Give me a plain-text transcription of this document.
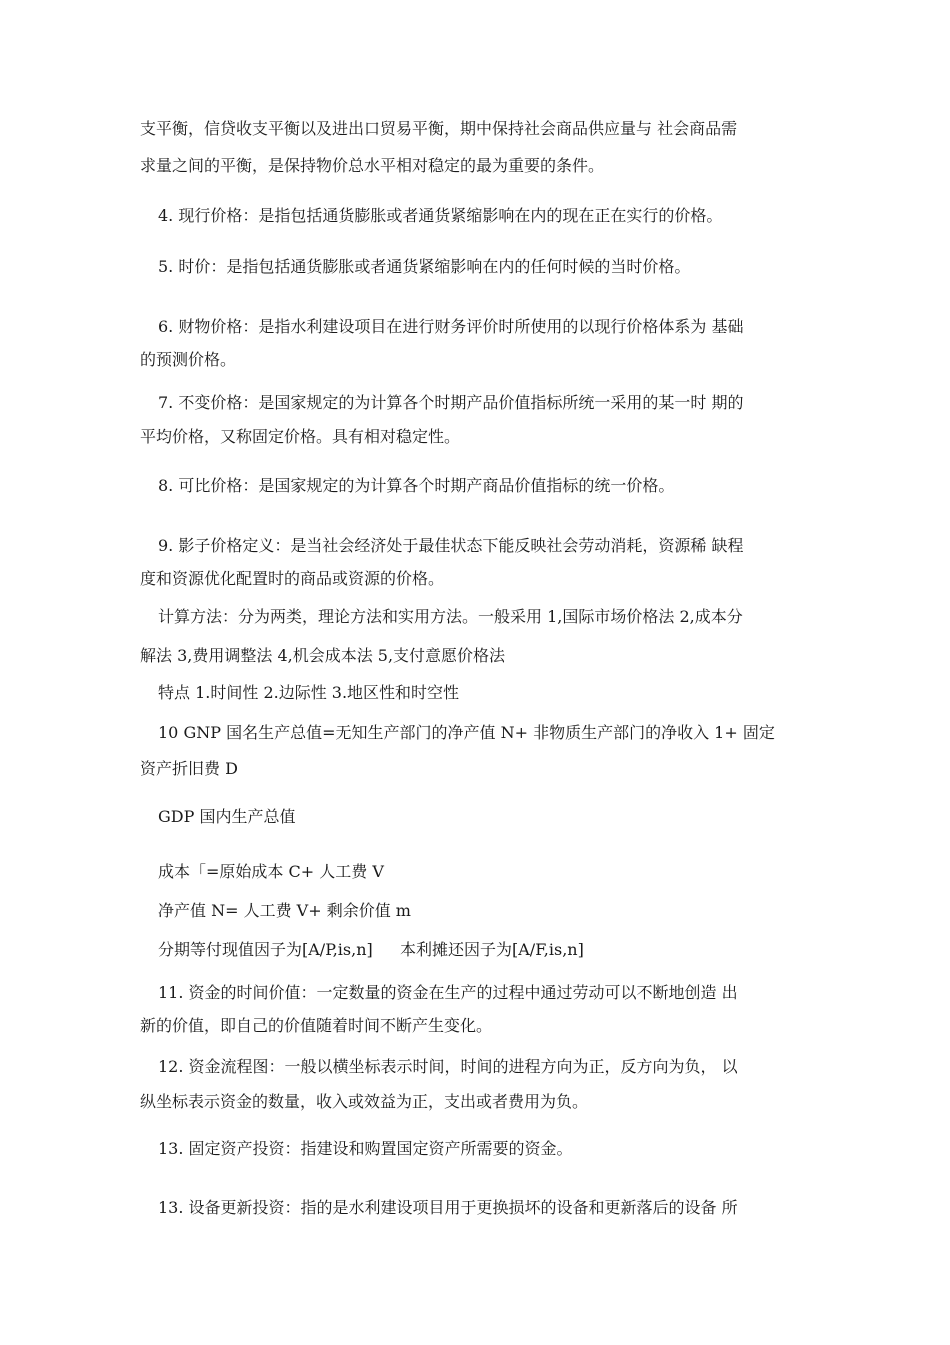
支平衡，信贷收支平衡以及进出口贸易平衡，期中保持社会商品供应量与 社会商品需
求量之间的平衡，是保持物价总水平相对稳定的最为重要的条件。
4. 现行价格：是指包括通货膨胀或者通货紧缩影响在内的现在正在实行的价格。
5. 时价：是指包括通货膨胀或者通货紧缩影响在内的任何时候的当时价格。
6. 财物价格：是指水利建设项目在进行财务评价时所使用的以现行价格体系为 基础
的预测价格。
7. 不变价格：是国家规定的为计算各个时期产品价值指标所统一采用的某一时 期的
平均价格，又称固定价格。具有相对稳定性。
8. 可比价格：是国家规定的为计算各个时期产商品价值指标的统一价格。
9. 影子价格定义：是当社会经济处于最佳状态下能反映社会劳动消耗，资源稀 缺程
度和资源优化配置时的商品或资源的价格。
计算方法：分为两类，理论方法和实用方法。一般采用 1,国际市场价格法 2,成本分
解法 3,费用调整法 4,机会成本法 5,支付意愿价格法
特点 1.时间性 2.边际性 3.地区性和时空性
10 GNP 国名生产总值=无知生产部门的净产值 N+ 非物质生产部门的净收入 1+ 固定
资产折旧费 D
GDP 国内生产总值
成本「=原始成本 C+ 人工费 V
净产值 N= 人工费 V+ 剩余价值 m
分期等付现值因子为[A/P,is,n] 本利摊还因子为[A/F,is,n]
11. 资金的时间价值：一定数量的资金在生产的过程中通过劳动可以不断地创造 出
新的价值，即自己的价值随着时间不断产生变化。
12. 资金流程图：一般以横坐标表示时间，时间的进程方向为正，反方向为负， 以
纵坐标表示资金的数量，收入或效益为正，支出或者费用为负。
13. 固定资产投资：指建设和购置国定资产所需要的资金。
13. 设备更新投资：指的是水利建设项目用于更换损坏的设备和更新落后的设备 所
